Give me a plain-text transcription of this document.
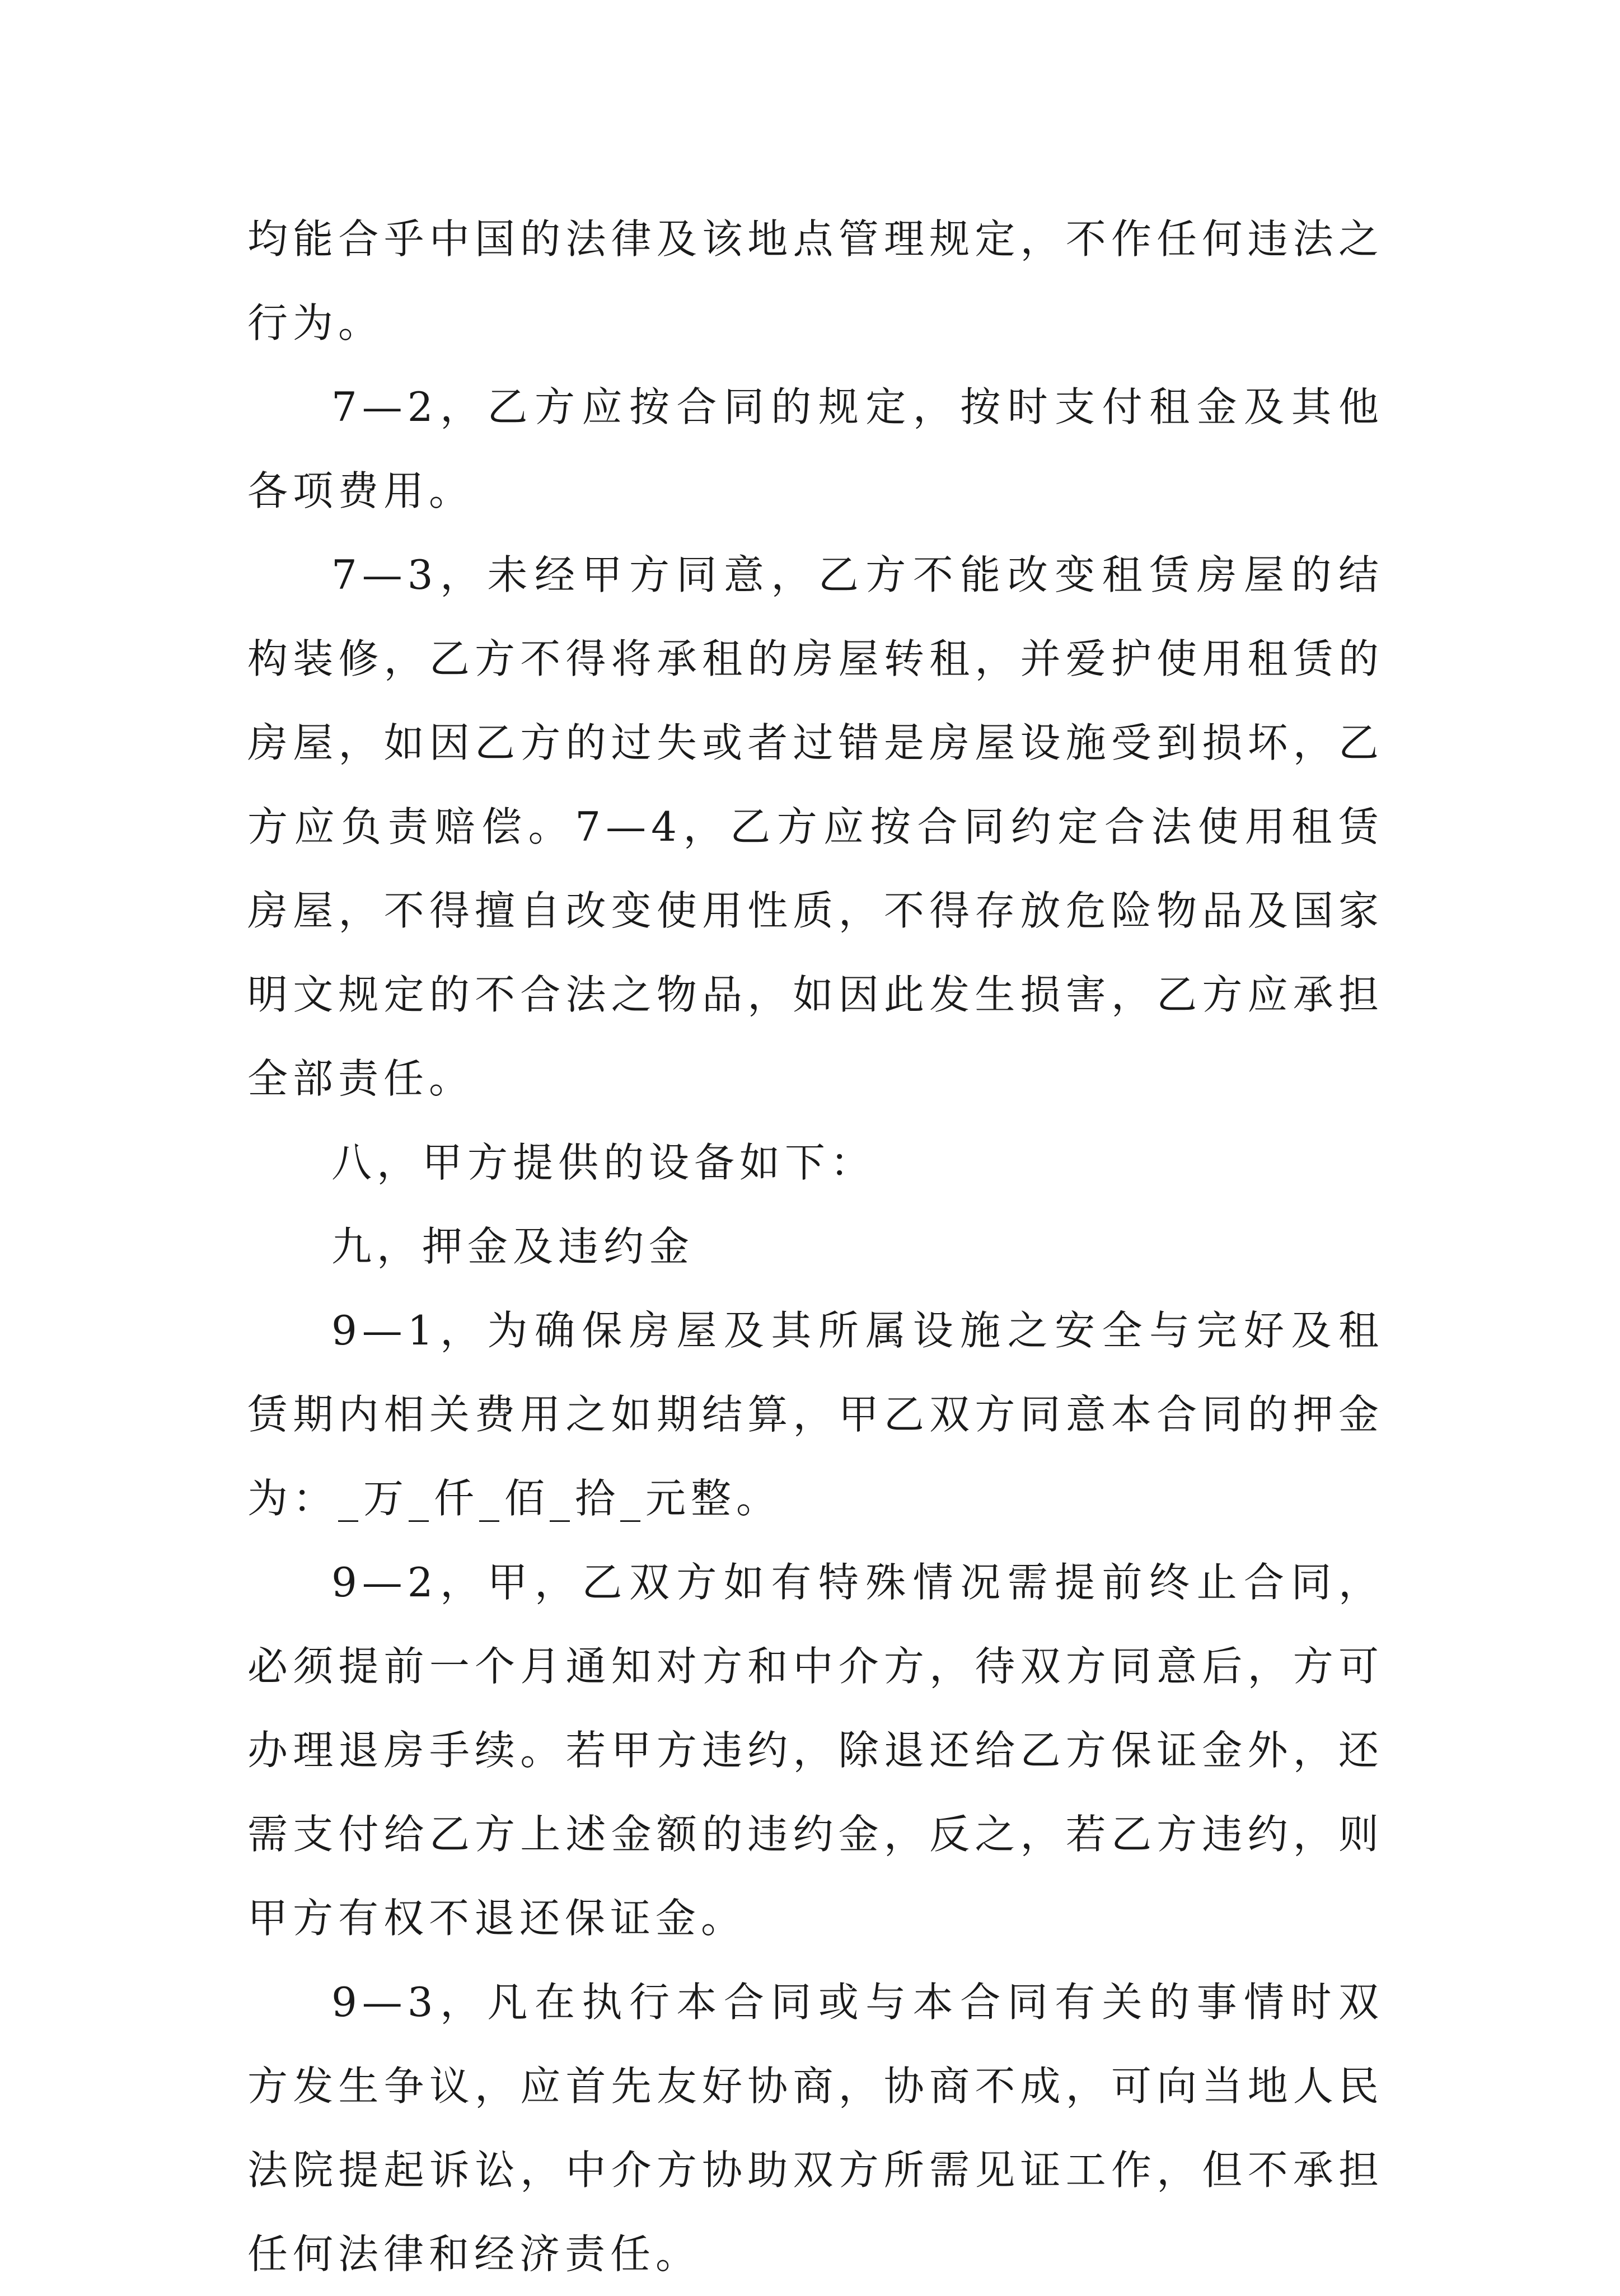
均能合乎中国的法律及该地点管理规定，不作任何违法之行为。

7—2，乙方应按合同的规定，按时支付租金及其他各项费用。

7—3，未经甲方同意，乙方不能改变租赁房屋的结构装修，乙方不得将承租的房屋转租，并爱护使用租赁的房屋，如因乙方的过失或者过错是房屋设施受到损坏，乙方应负责赔偿。7—4，乙方应按合同约定合法使用租赁房屋，不得擅自改变使用性质，不得存放危险物品及国家明文规定的不合法之物品，如因此发生损害，乙方应承担全部责任。

八，甲方提供的设备如下：

九，押金及违约金

9—1，为确保房屋及其所属设施之安全与完好及租赁期内相关费用之如期结算，甲乙双方同意本合同的押金为：_万_仟_佰_拾_元整。

9—2，甲，乙双方如有特殊情况需提前终止合同，必须提前一个月通知对方和中介方，待双方同意后，方可办理退房手续。若甲方违约，除退还给乙方保证金外，还需支付给乙方上述金额的违约金，反之，若乙方违约，则甲方有权不退还保证金。

9—3，凡在执行本合同或与本合同有关的事情时双方发生争议，应首先友好协商，协商不成，可向当地人民法院提起诉讼，中介方协助双方所需见证工作，但不承担任何法律和经济责任。
